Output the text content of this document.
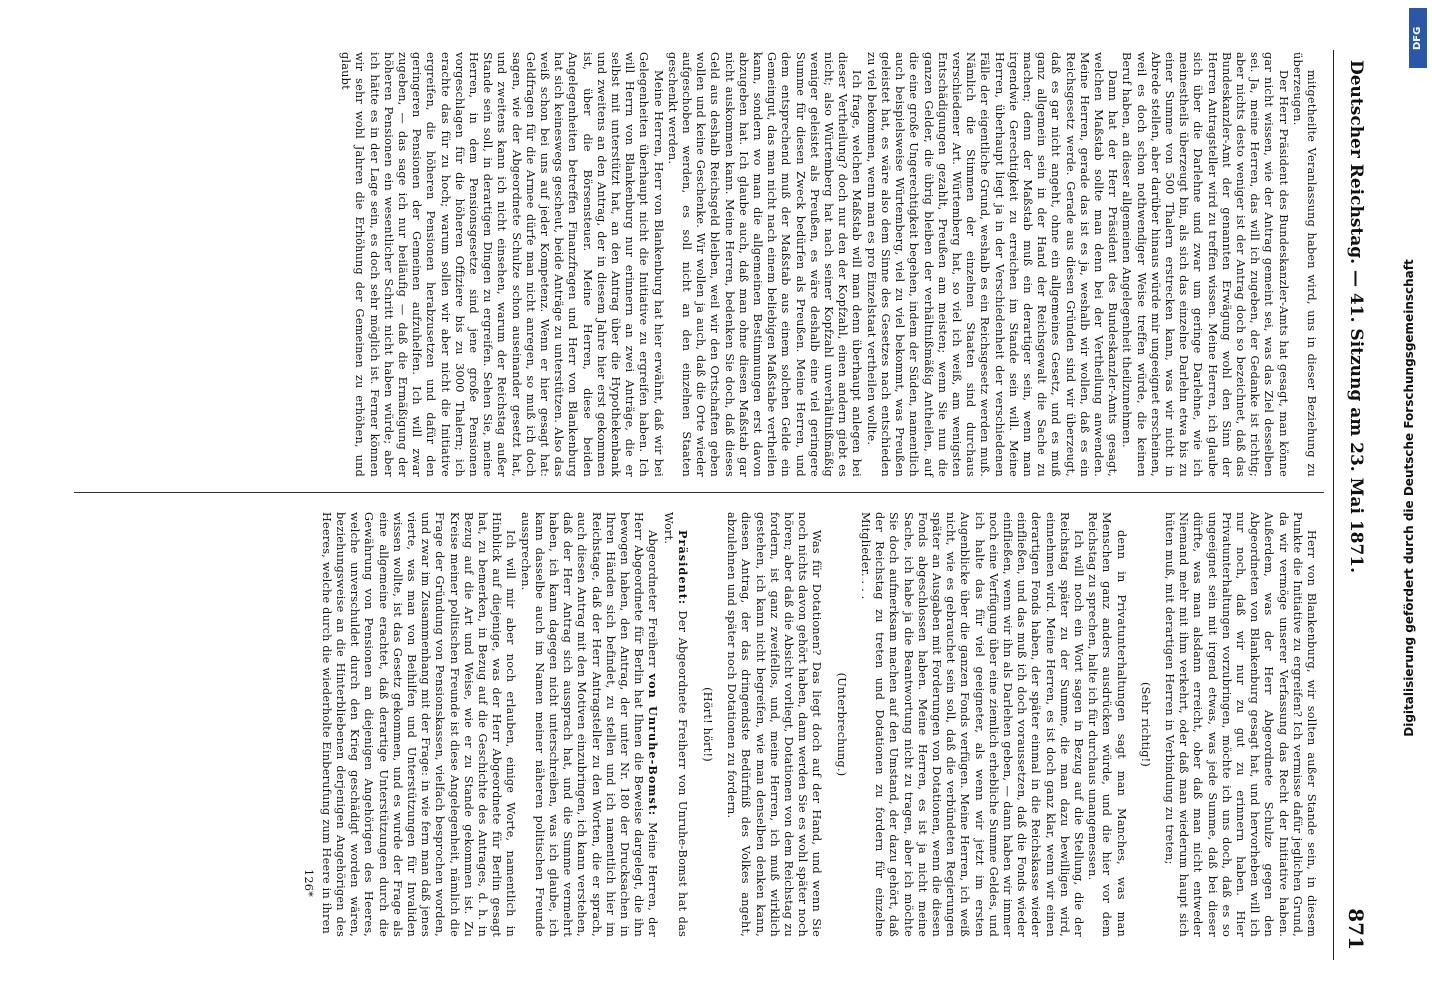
Deutscher Reichstag. — 41. Sitzung am 23. Mai 1871.
871

mitgetheilte Veranlassung haben wird, uns in dieser Beziehung zu überzeugen.

Der Herr Präsident des Bundeskanzler-Amts hat gesagt, man könne gar nicht wissen, wie der Antrag gemeint sei, was das Ziel desselben sei. Ja, meine Herren, das will ich zugeben, der Gedanke ist richtig; aber nichts desto weniger ist der Antrag doch so bezeichnet, daß das Bundeskanzler-Amt der genannten Erwägung wohl den Sinn der Herren Antragsteller wird zu treffen wissen. Meine Herren, ich glaube sich über die Darlehne und zwar um geringe Darlehne, wie ich meinestheils überzeugt bin, als sich das einzelne Darlehn etwa bis zu einer Summe von 500 Thalern erstrecken kann, was wir nicht in Abrede stellen, aber darüber hinaus würde mir ungeeignet erscheinen, weil es doch schon nothwendiger Weise treffen würde, die keinen Beruf haben, an dieser allgemeinen Angelegenheit theilzunehmen.

Dann hat der Herr Präsident des Bundeskanzler-Amts gesagt, welchen Maßstab sollte man denn bei der Vertheilung anwenden. Meine Herren, gerade das ist es ja, weshalb wir wollen, daß es ein Reichsgesetz werde. Gerade aus diesen Gründen sind wir überzeugt, daß es gar nicht angeht, ohne ein allgemeines Gesetz, und es muß ganz allgemein sein in der Hand der Reichsgewalt die Sache zu machen; denn der Maßstab muß ein derartiger sein, wenn man irgendwie Gerechtigkeit zu erreichen im Stande sein will. Meine Herren, überhaupt liegt ja in der Verschiedenheit der verschiedenen Fälle der eigentliche Grund, weshalb es ein Reichsgesetz werden muß. Nämlich die Stimmen der einzelnen Staaten sind durchaus verschiedener Art. Würtemberg hat, so viel ich weiß, am wenigsten Entschädigungen gezahlt, Preußen am meisten; wenn Sie nun die ganzen Gelder, die übrig bleiben der verhältnißmäßig Antheilen, auf die eine große Ungerechtigkeit begehen, indem der Süden, namentlich auch beispielsweise Würtemberg, viel zu viel bekommt, was Preußen geleistet hat, es wäre also dem Sinne des Gesetzes nach entschieden zu viel bekommen, wenn man es pro Einzelstaat vertheilen wollte.

Ich frage, welchen Maßstab will man denn überhaupt anlegen bei dieser Vertheilung? doch nur den der Kopfzahl, einen andern giebt es nicht; also Würtemberg hat nach seiner Kopfzahl unverhältnißmäßig weniger geleistet als Preußen, es wäre deshalb eine viel geringere Summe für diesen Zweck bedürfen als Preußen. Meine Herren, und dem entsprechend muß der Maßstab aus einem solchen Gelde ein Gemeingut, das man nicht nach einem beliebigen Maßstabe vertheilen kann, sondern wo man die allgemeinen Bestimmungen erst davon abzugeben hat. Ich glaube auch, daß man ohne diesen Maßstab gar nicht auskommen kann. Meine Herren, bedenken Sie doch, daß dieses Geld aus deshalb Reichsgeld bleiben, weil wir den Ortschaften geben wollen und keine Geschenke. Wir wollen ja auch, daß die Orte wieder aufgeschoben werden, es soll nicht an den einzelnen Staaten geschenkt werden.

Meine Herren, Herr von Blankenburg hat hier erwähnt, daß wir bei Gelegenheiten überhaupt nicht die Initiative zu ergreifen haben. Ich will Herrn von Blankenburg nur erinnern an zwei Anträge, die er selbst mit unterstützt hat, an den Antrag über die Hypothekenbank und zweitens an den Antrag, der in diesem Jahre hier erst gekommen ist, über die Börsensteuer. Meine Herren, diese beiden Angelegenheiten betreffen Finanzfragen und Herr von Blankenburg hat sich keineswegs gescheut, beide Anträge zu unterstützen. Also das weiß schon bei uns auf jeder Kompetenz. Wenn er hier gesagt hat: Geldfragen für die Armee dürfe man nicht anregen, so muß ich doch sagen, wie der Abgeordnete Schulze schon auseinander gesetzt hat, und zweitens kann ich nicht einsehen, warum der Reichstag außer Stande sein soll, in derartigen Dingen zu ergreifen. Sehen Sie, meine Herren, in dem Pensionsgesetze sind jene große Pensionen vorgeschlagen für die höheren Offiziere bis zu 3000 Thalern; ich erachte das für zu hoch; warum sollen wir aber nicht die Initiative ergreifen, die höheren Pensionen herabzusetzen und dafür den geringeren Pensionen der Gemeinen aufzuhelfen. Ich will zwar zugeben, — das sage ich nur beiläufig — daß die Ermäßigung der höheren Pensionen ein wesentlicher Schritt nicht haben würde; aber ich hätte es in der Lage sein, es doch sehr möglich ist. Ferner können wir sehr wohl Jahren die Erhöhung der Gemeinen zu erhöhen, und glaubt

Herr von Blankenburg, wir sollten außer Stande sein, in diesem Punkte die Initiative zu ergreifen? Ich vermisse dafür jeglichen Grund, da wir vermöge unserer Verfassung das Recht der Initiative haben. Außerdem, was der Herr Abgeordnete Schulze gegen den Abgeordneten von Blankenburg gesagt hat, und hervorheben will ich nur noch, daß wir nur zu gut zu erinnern haben. Hier Privatunterhaltungen vorzubringen, möchte ich uns doch, daß es so ungeeignet sein mit irgend etwas, was jede Summe, daß bei dieser dürfte, was man alsdann erreicht, ober daß man nicht entweder Niemand mehr mit ihm verkehrt, oder daß man wiederum haupt sich hüten muß, mit derartigen Herren in Verbindung zu treten;

(Sehr richtig!)

denn in Privatunterhaltungen sagt man Manches, was man Menschen ganz anders ausdrücken würde, und die hier vor dem Reichstag zu sprechen, halte ich für durchaus unangemessen.

Ich will noch ein Wort sagen in Bezug auf die Stellung, die der Reichstag später zu der Summe, die man dazu bewilligen wird, einnehmen wird. Meine Herren, es ist doch ganz klar, wenn wir einen derartigen Fonds haben, der später einmal in die Reichskasse wieder einfließen, und das muß ich doch voraussetzen, daß die Fonds wieder einfließen, wenn wir ihn als Darlehen geben, — dann haben wir immer noch eine Verfügung über eine ziemlich erhebliche Summe Geldes, und ich halte das für viel geeigneter, als wenn wir jetzt im ersten Augenblicke über die ganzen Fonds verfügen. Meine Herren, ich weiß nicht, wie es gebrauchet sein soll, daß die verbündeten Regierungen später an Ausgaben mit Forderungen von Dotationen, wenn die diesen Fonds abgeschlossen haben. Meine Herren, es ist ja nicht meine Sache, ich habe ja die Beantwortung nicht zu tragen, aber ich möchte Sie doch aufmerksam machen auf den Umstand, der dazu gehört, daß der Reichstag zu treten und Dotationen zu fordern für einzelne Mitglieder. . . .

(Unterbrechung.)

Was für Dotationen? Das liegt doch auf der Hand, und wenn Sie noch nichts davon gehört haben, dann werden Sie es wohl später noch hören; aber daß die Absicht vorliegt, Dotationen von dem Reichstag zu fordern, ist ganz zweifellos, und, meine Herren, ich muß wirklich gestehen, ich kann nicht begreifen, wie man denselben denken kann, diesen Antrag, der das dringendste Bedürfniß des Volkes angeht, abzulehnen und später noch Dotationen zu fordern.

(Hört! hört!)

Präsident: Der Abgeordnete Freiherr von Unruhe-Bomst hat das Wort.

Abgeordneter Freiherr von Unruhe-Bomst: Meine Herren, der Herr Abgeordnete für Berlin hat Ihnen die Beweise dargelegt, die ihn bewogen haben, den Antrag, der unter Nr. 180 der Drucksachen in Ihren Händen sich befindet, zu stellen und ich namentlich hier im Reichstage, daß der Herr Antragsteller zu den Worten, die er sprach, auch diesen Antrag mit den Motiven einzubringen, ich kann verstehen, daß der Herr Antrag sich aussprach hat, und die Summe vermehrt haben, ich kann dagegen nicht unterschreiben, was ich glaube, ich kann dasselbe auch im Namen meiner näheren politischen Freunde aussprechen.

Ich will mir aber noch erlauben, einige Worte, namentlich in Hinblick auf diejenige, was der Herr Abgeordnete für Berlin gesagt hat, zu bemerken, in Bezug auf die Geschichte des Antrages, d. h. in Bezug auf die Art und Weise, wie er zu Stande gekommen ist. Zu Kreise meiner politischen Freunde ist diese Angelegenheit, nämlich die Frage der Gründung von Pensionskassen, vielfach besprochen worden, und zwar im Zusammenhang mit der Frage: in wie fern man daß jenes vierte, was man von Beihilfen und Unterstützungen für Invaliden wissen wollte, ist das Gesetz gekommen, und es wurde der Frage als eine allgemeine erachtet, daß derartige Unterstützungen durch die Gewährung von Pensionen an diejenigen Angehörigen des Heeres, welche unverschuldet durch den Krieg geschädigt worden wären, beziehungsweise an die Hinterbliebenen derjenigen Angehörigen des Heeres, welche durch die wiederholte Einberufung zum Heere in ihren

126*
Digitalisierung gefördert durch die Deutsche Forschungsgemeinschaft
DFG
